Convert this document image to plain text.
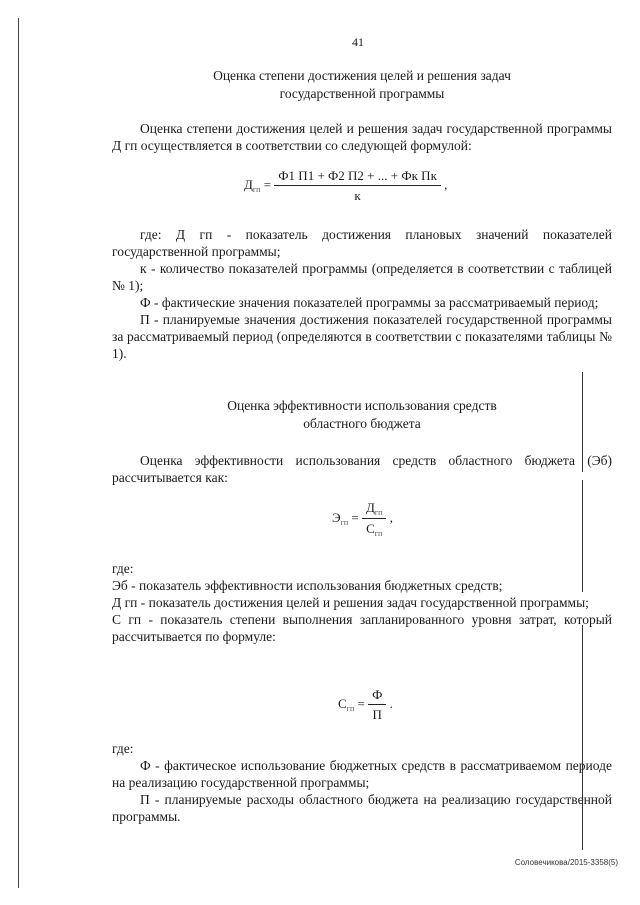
41
Оценка степени достижения целей и решения задач
государственной программы
Оценка степени достижения целей и решения задач государственной программы Д гп осуществляется в соответствии со следующей формулой:
$Д_{гп} = \frac{\text{Ф1 П1 + Ф2 П2 + ... + Фк Пк}}{к}$ ,
где: Д гп - показатель достижения плановых значений показателей государственной программы;
к - количество показателей программы (определяется в соответствии с таблицей № 1);
Ф - фактические значения показателей программы за рассматриваемый период;
П - планируемые значения достижения показателей государственной программы за рассматриваемый период (определяются в соответствии с показателями таблицы № 1).
Оценка эффективности использования средств
областного бюджета
Оценка эффективности использования средств областного бюджета (Эб) рассчитывается как:
$Э_{гп} = \frac{Д_{гп}}{С_{гп}}$ ,
где:
Эб - показатель эффективности использования бюджетных средств;
Д гп - показатель достижения целей и решения задач государственной программы;
С гп - показатель степени выполнения запланированного уровня затрат, который рассчитывается по формуле:
$С_{гп} = \frac{Ф}{П}$ .
где:
Ф - фактическое использование бюджетных средств в рассматриваемом периоде на реализацию государственной программы;
П - планируемые расходы областного бюджета на реализацию государственной программы.
Соловечикова/2015-3358(5)
